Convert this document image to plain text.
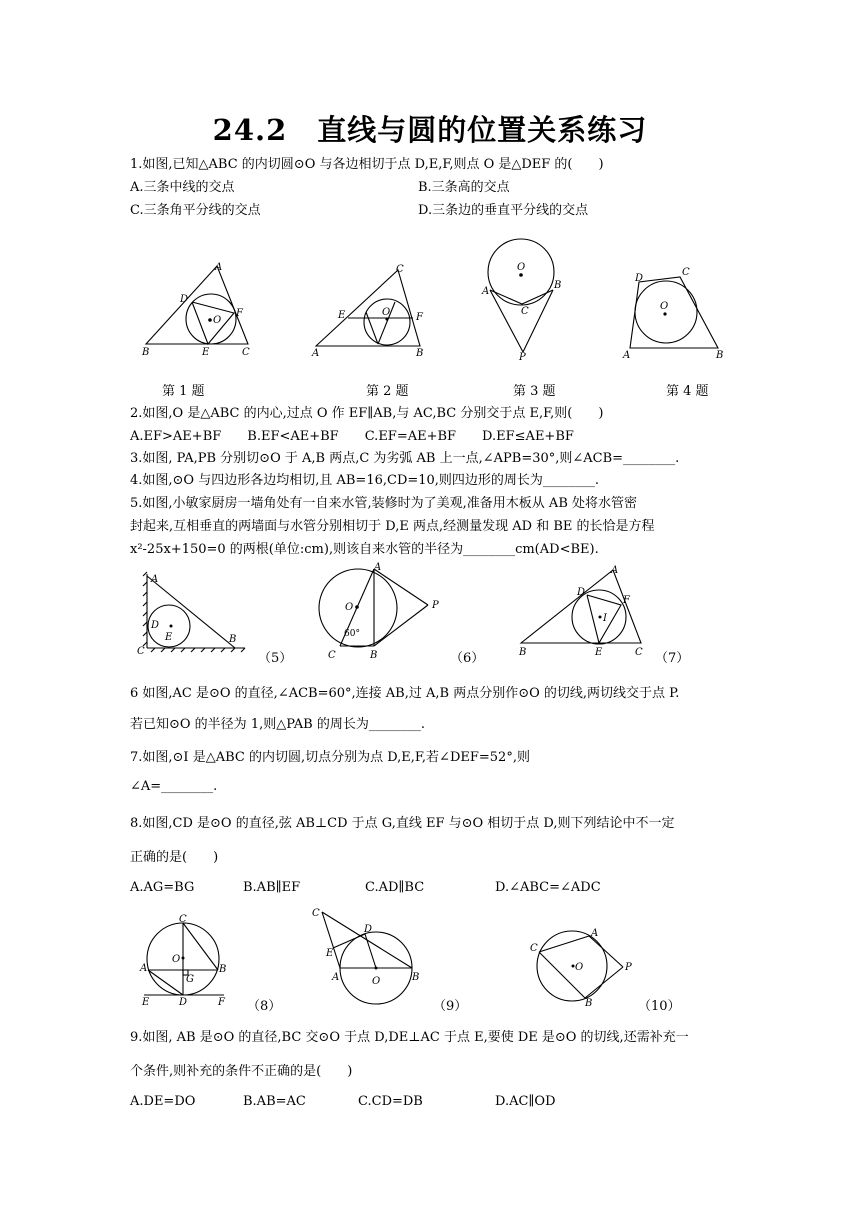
24.2　直线与圆的位置关系练习
1.如图,已知△ABC 的内切圆⊙O 与各边相切于点 D,E,F,则点 O 是△DEF 的(　　)
A.三条中线的交点	B.三条高的交点
C.三条角平分线的交点	D.三条边的垂直平分线的交点
A
B	C
D
E
F
O
C
A	B
E	F
O
O
A
B
C
P
O
D
C
A	B
第 1 题	第 2 题	第 3 题	第 4 题
2.如图,O 是△ABC 的内心,过点 O 作 EF∥AB,与 AC,BC 分别交于点 E,F,则(　　)
A.EF>AE+BF　　B.EF<AE+BF　　C.EF=AE+BF　　D.EF≤AE+BF
3.如图, PA,PB 分别切⊙O 于 A,B 两点,C 为劣弧 AB 上一点,∠APB=30°,则∠ACB=________.
4.如图,⊙O 与四边形各边均相切,且 AB=16,CD=10,则四边形的周长为________.
5.如图,小敏家厨房一墙角处有一自来水管,装修时为了美观,准备用木板从 AB 处将水管密
封起来,互相垂直的两墙面与水管分别相切于 D,E 两点,经测量发现 AD 和 BE 的长恰是方程
x²-25x+150=0 的两根(单位:cm),则该自来水管的半径为________cm(AD<BE).
A
B
C
D
E
（5）
O
A
P
C	B
60°
（6）
A
B	C
D
E
F
I
（7）
6 如图,AC 是⊙O 的直径,∠ACB=60°,连接 AB,过 A,B 两点分别作⊙O 的切线,两切线交于点 P.
若已知⊙O 的半径为 1,则△PAB 的周长为________.
7.如图,⊙I 是△ABC 的内切圆,切点分别为点 D,E,F,若∠DEF=52°,则
∠A=________.
8.如图,CD 是⊙O 的直径,弦 AB⊥CD 于点 G,直线 EF 与⊙O 相切于点 D,则下列结论中不一定
正确的是(　　)
A.AG=BG	B.AB∥EF	C.AD∥BC	D.∠ABC=∠ADC
C
O
A	B
G
D
E	F （8）
C
D
E
A	B
O
（9）
C
A
P
B
O
（10）
9.如图, AB 是⊙O 的直径,BC 交⊙O 于点 D,DE⊥AC 于点 E,要使 DE 是⊙O 的切线,还需补充一
个条件,则补充的条件不正确的是(　　)
A.DE=DO	B.AB=AC	C.CD=DB	D.AC∥OD
